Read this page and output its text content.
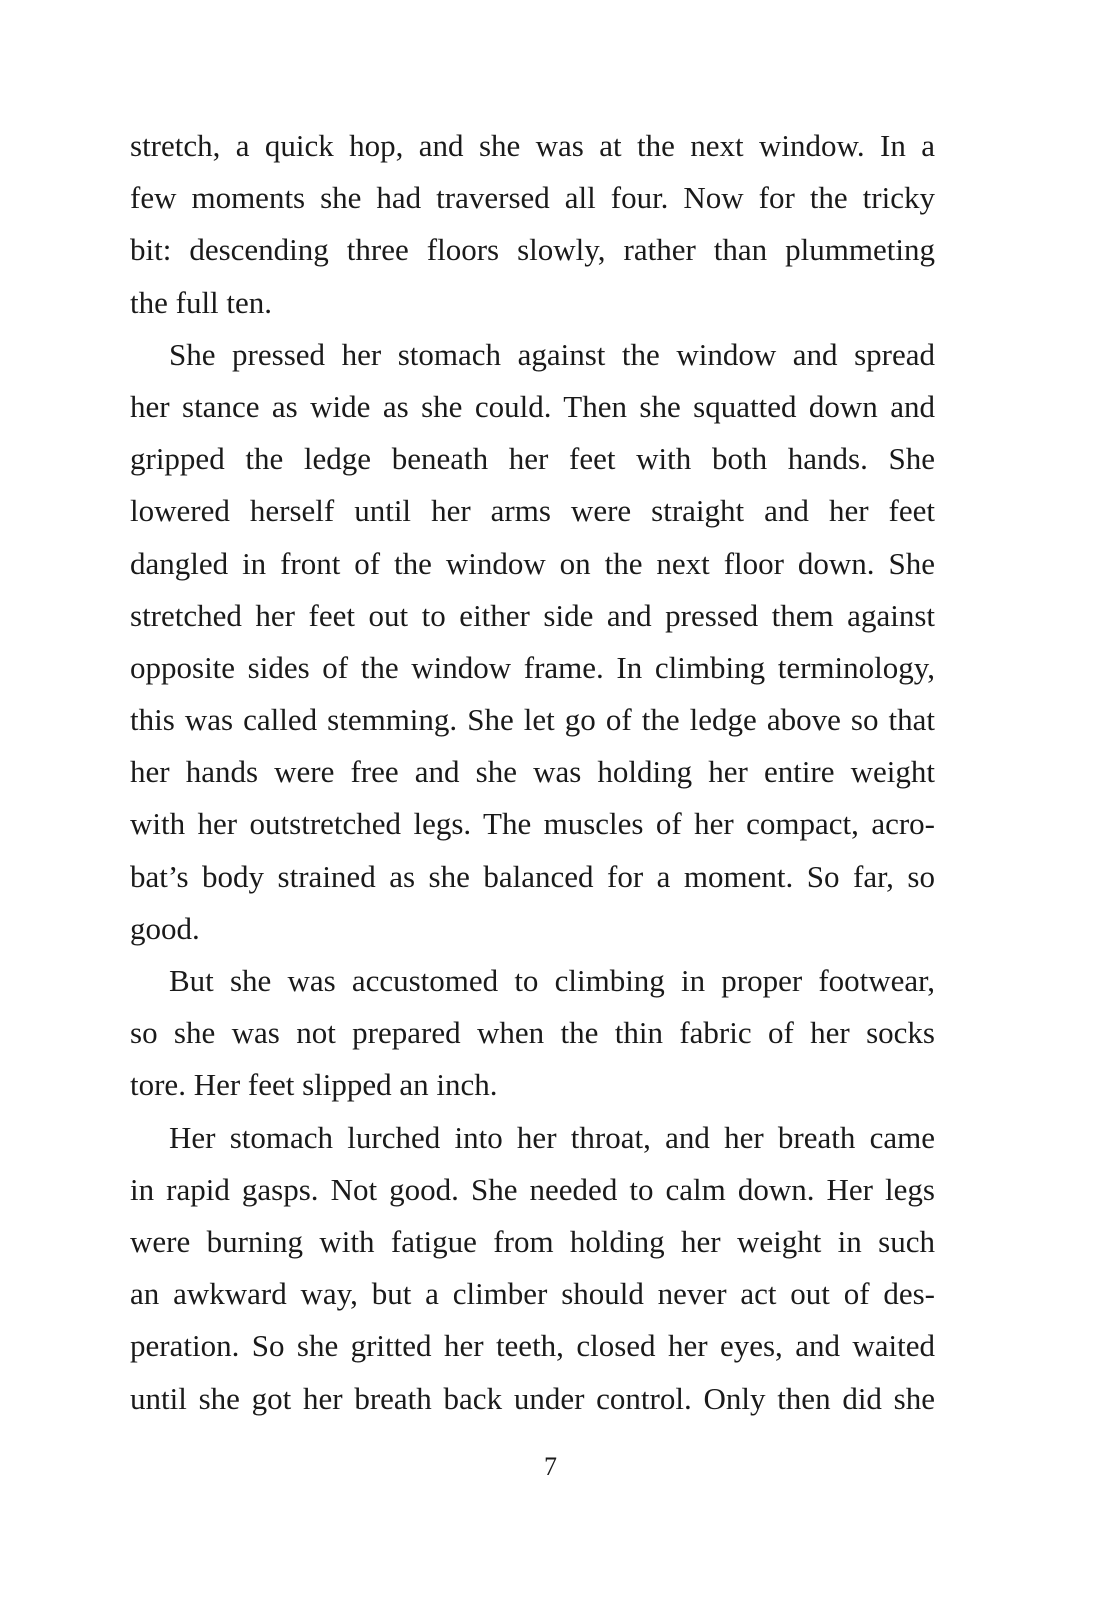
stretch, a quick hop, and she was at the next window. In a
few moments she had traversed all four. Now for the tricky
bit: descending three floors slowly, rather than plummeting
the full ten.
She pressed her stomach against the window and spread
her stance as wide as she could. Then she squatted down and
gripped the ledge beneath her feet with both hands. She
lowered herself until her arms were straight and her feet
dangled in front of the window on the next floor down. She
stretched her feet out to either side and pressed them against
opposite sides of the window frame. In climbing terminology,
this was called stemming. She let go of the ledge above so that
her hands were free and she was holding her entire weight
with her outstretched legs. The muscles of her compact, acro-
bat’s body strained as she balanced for a moment. So far, so
good.
But she was accustomed to climbing in proper footwear,
so she was not prepared when the thin fabric of her socks
tore. Her feet slipped an inch.
Her stomach lurched into her throat, and her breath came
in rapid gasps. Not good. She needed to calm down. Her legs
were burning with fatigue from holding her weight in such
an awkward way, but a climber should never act out of des-
peration. So she gritted her teeth, closed her eyes, and waited
until she got her breath back under control. Only then did she
7
